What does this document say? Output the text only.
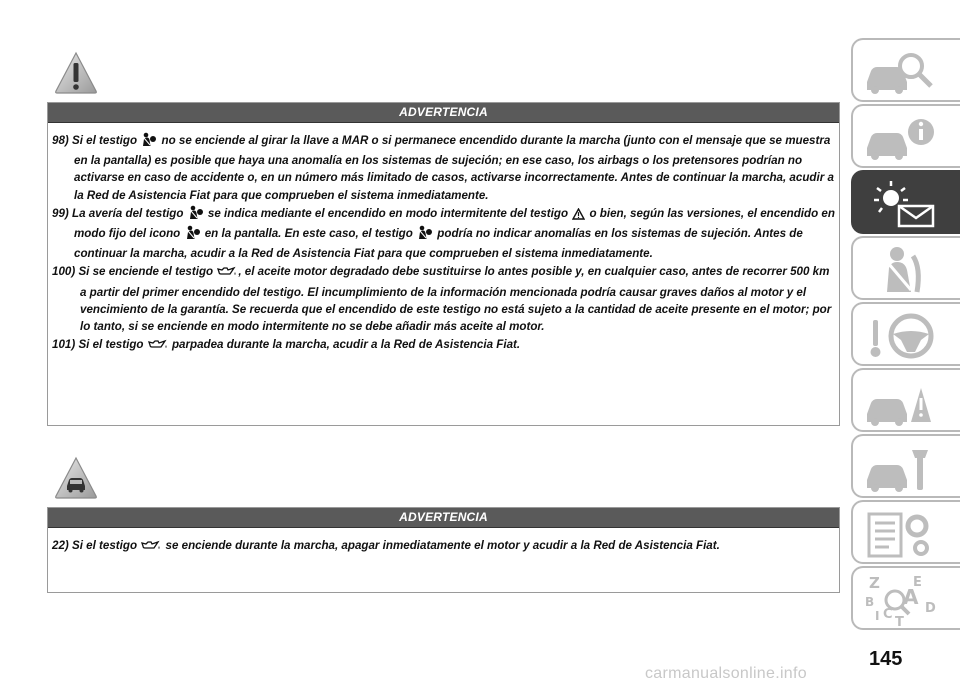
ADVERTENCIA
98) Si el testigo  no se enciende al girar la llave a MAR o si permanece encendido durante la marcha (junto con el mensaje que se muestra en la pantalla) es posible que haya una anomalía en los sistemas de sujeción; en ese caso, los airbags o los pretensores podrían no activarse en caso de accidente o, en un número más limitado de casos, activarse incorrectamente. Antes de continuar la marcha, acudir a la Red de Asistencia Fiat para que comprueben el sistema inmediatamente.
99) La avería del testigo  se indica mediante el encendido en modo intermitente del testigo  o bien, según las versiones, el encendido en modo fijo del icono  en la pantalla. En este caso, el testigo  podría no indicar anomalías en los sistemas de sujeción. Antes de continuar la marcha, acudir a la Red de Asistencia Fiat para que comprueben el sistema inmediatamente.
100) Si se enciende el testigo , el aceite motor degradado debe sustituirse lo antes posible y, en cualquier caso, antes de recorrer 500 km a partir del primer encendido del testigo. El incumplimiento de la información mencionada podría causar graves daños al motor y el vencimiento de la garantía. Se recuerda que el encendido de este testigo no está sujeto a la cantidad de aceite presente en el motor; por lo tanto, si se enciende en modo intermitente no se debe añadir más aceite al motor.
101) Si el testigo  parpadea durante la marcha, acudir a la Red de Asistencia Fiat.
ADVERTENCIA
22) Si el testigo  se enciende durante la marcha, apagar inmediatamente el motor y acudir a la Red de Asistencia Fiat.
Z	E
A
B
C D
T
I
145
carmanualsonline.info
